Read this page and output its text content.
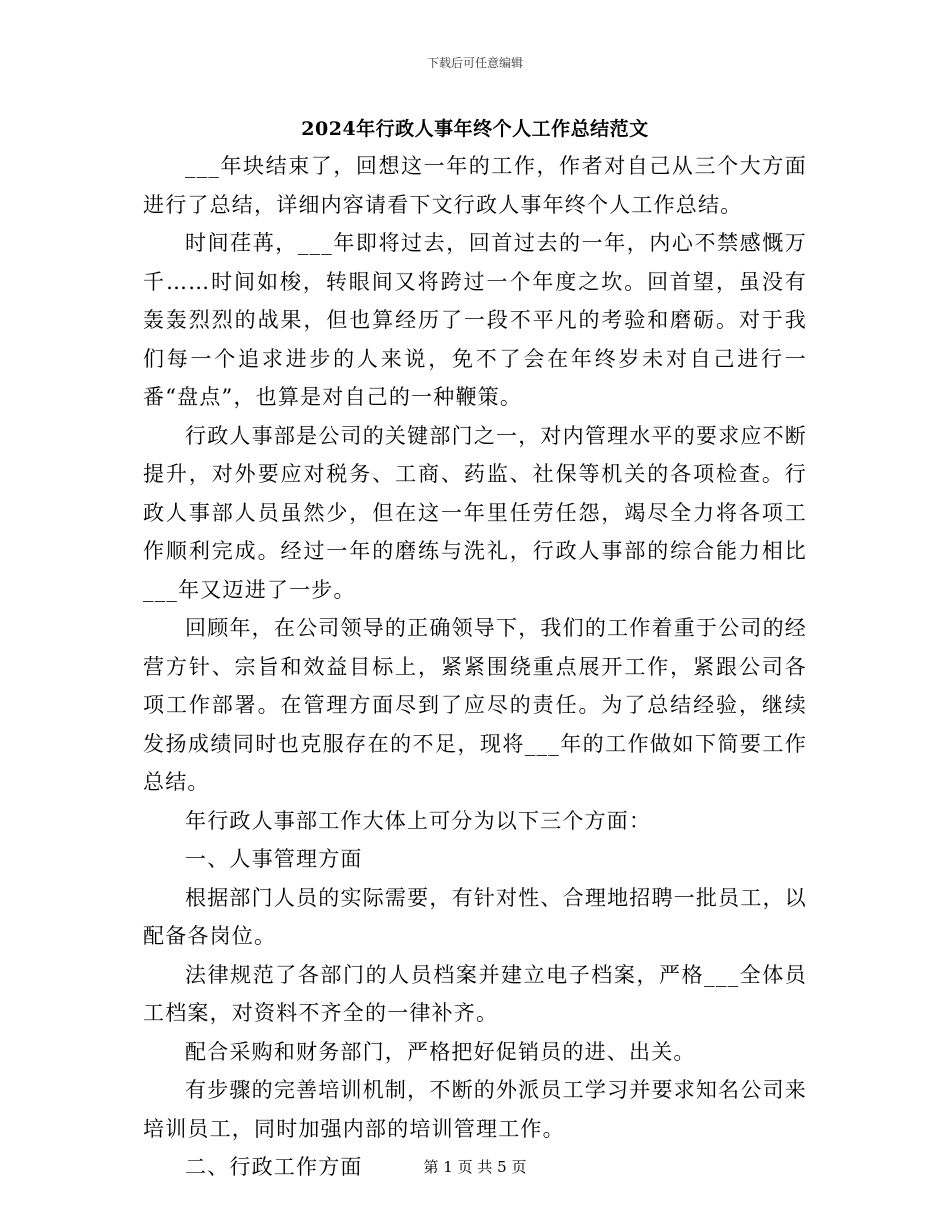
下载后可任意编辑
2024年行政人事年终个人工作总结范文

___年块结束了，回想这一年的工作，作者对自己从三个大方面进行了总结，详细内容请看下文行政人事年终个人工作总结。

时间荏苒，___年即将过去，回首过去的一年，内心不禁感慨万千……时间如梭，转眼间又将跨过一个年度之坎。回首望，虽没有轰轰烈烈的战果，但也算经历了一段不平凡的考验和磨砺。对于我们每一个追求进步的人来说，免不了会在年终岁未对自己进行一番“盘点”，也算是对自己的一种鞭策。

行政人事部是公司的关键部门之一，对内管理水平的要求应不断提升，对外要应对税务、工商、药监、社保等机关的各项检查。行政人事部人员虽然少，但在这一年里任劳任怨，竭尽全力将各项工作顺利完成。经过一年的磨练与洗礼，行政人事部的综合能力相比___年又迈进了一步。

回顾年，在公司领导的正确领导下，我们的工作着重于公司的经营方针、宗旨和效益目标上，紧紧围绕重点展开工作，紧跟公司各项工作部署。在管理方面尽到了应尽的责任。为了总结经验，继续发扬成绩同时也克服存在的不足，现将___年的工作做如下简要工作总结。

年行政人事部工作大体上可分为以下三个方面：

一、人事管理方面

根据部门人员的实际需要，有针对性、合理地招聘一批员工，以配备各岗位。

法律规范了各部门的人员档案并建立电子档案，严格___全体员工档案，对资料不齐全的一律补齐。

配合采购和财务部门，严格把好促销员的进、出关。

有步骤的完善培训机制，不断的外派员工学习并要求知名公司来培训员工，同时加强内部的培训管理工作。

二、行政工作方面	第 1 页 共 5 页
